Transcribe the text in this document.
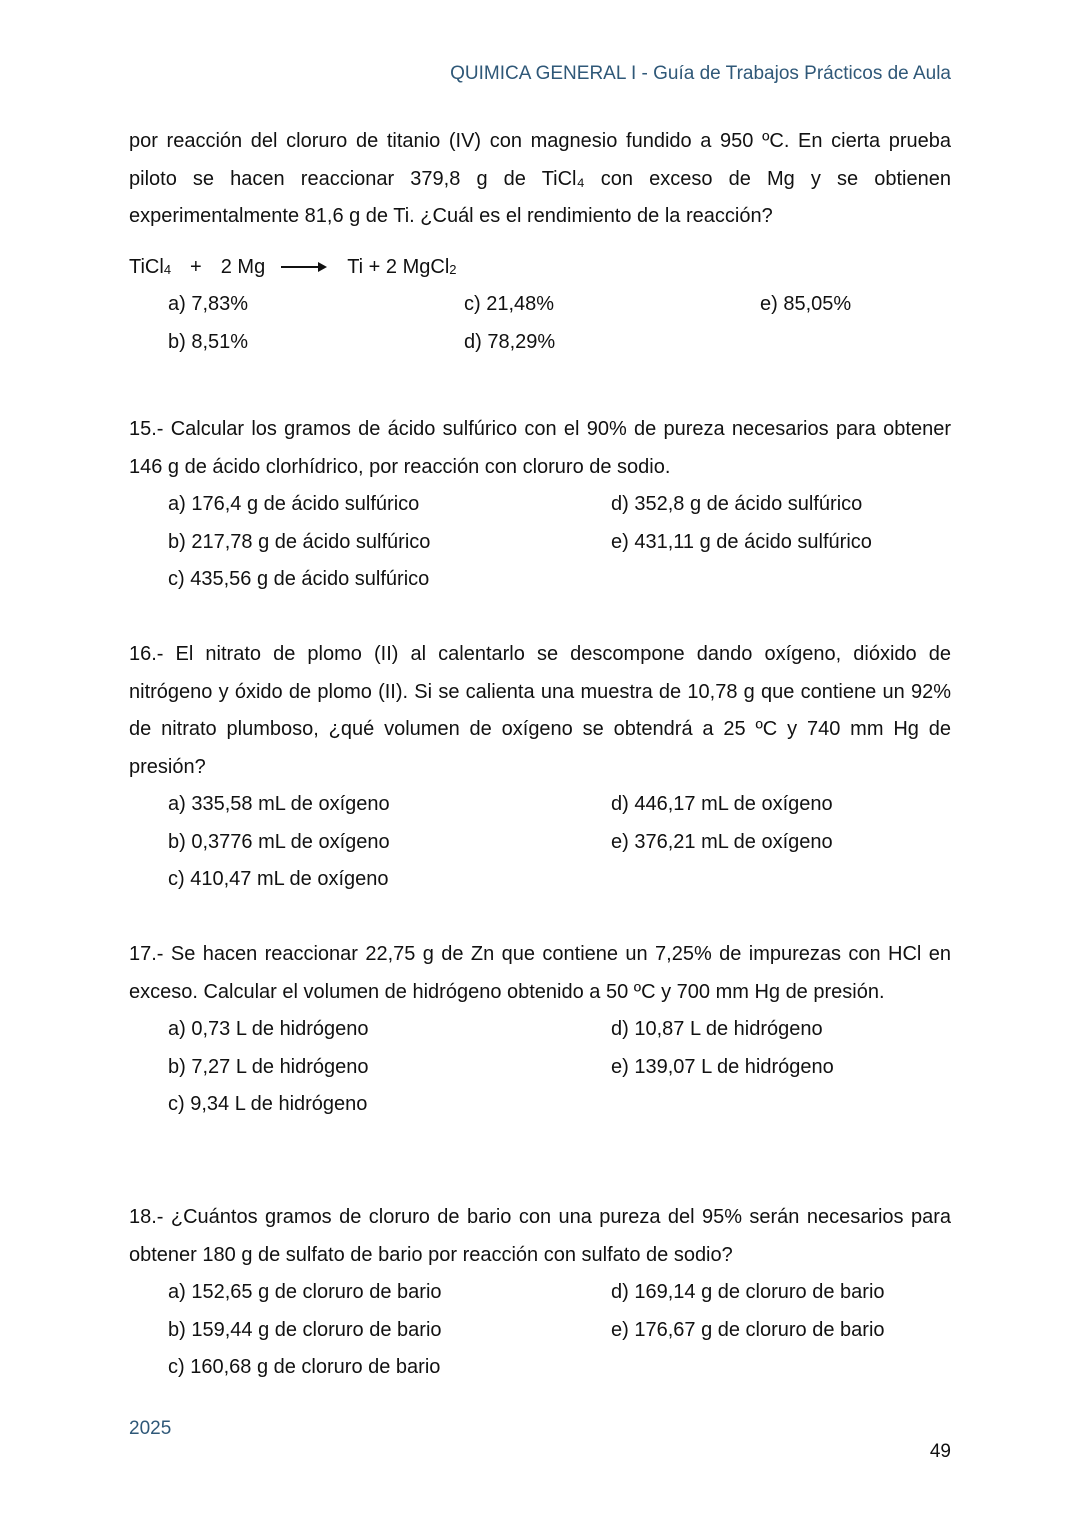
QUIMICA GENERAL I - Guía de Trabajos Prácticos de Aula

por reacción del cloruro de titanio (IV) con magnesio fundido a 950 ºC. En cierta prueba piloto se hacen reaccionar 379,8 g de TiCl₄ con exceso de Mg y se obtienen experimentalmente 81,6 g de Ti. ¿Cuál es el rendimiento de la reacción?

TiCl$_4$ + 2 Mg →
Ti + 2 MgCl$_2$
a) 7,83%	c) 21,48%	e) 85,05%
b) 8,51%	d) 78,29%

15.- Calcular los gramos de ácido sulfúrico con el 90% de pureza necesarios para obtener 146 g de ácido clorhídrico, por reacción con cloruro de sodio.

a) 176,4 g de ácido sulfúrico	d) 352,8 g de ácido sulfúrico
b) 217,78 g de ácido sulfúrico	e) 431,11 g de ácido sulfúrico
c) 435,56 g de ácido sulfúrico

16.- El nitrato de plomo (II) al calentarlo se descompone dando oxígeno, dióxido de nitrógeno y óxido de plomo (II). Si se calienta una muestra de 10,78 g que contiene un 92% de nitrato plumboso, ¿qué volumen de oxígeno se obtendrá a 25 ºC y 740 mm Hg de presión?

a) 335,58 mL de oxígeno	d) 446,17 mL de oxígeno
b) 0,3776 mL de oxígeno	e) 376,21 mL de oxígeno
c) 410,47 mL de oxígeno

17.- Se hacen reaccionar 22,75 g de Zn que contiene un 7,25% de impurezas con HCl en exceso. Calcular el volumen de hidrógeno obtenido a 50 ºC y 700 mm Hg de presión.

a) 0,73 L de hidrógeno	d) 10,87 L de hidrógeno
b) 7,27 L de hidrógeno	e) 139,07 L de hidrógeno
c) 9,34 L de hidrógeno

18.- ¿Cuántos gramos de cloruro de bario con una pureza del 95% serán necesarios para obtener 180 g de sulfato de bario por reacción con sulfato de sodio?

a) 152,65 g de cloruro de bario	d) 169,14 g de cloruro de bario
b) 159,44 g de cloruro de bario	e) 176,67 g de cloruro de bario
c) 160,68 g de cloruro de bario
2025
49
